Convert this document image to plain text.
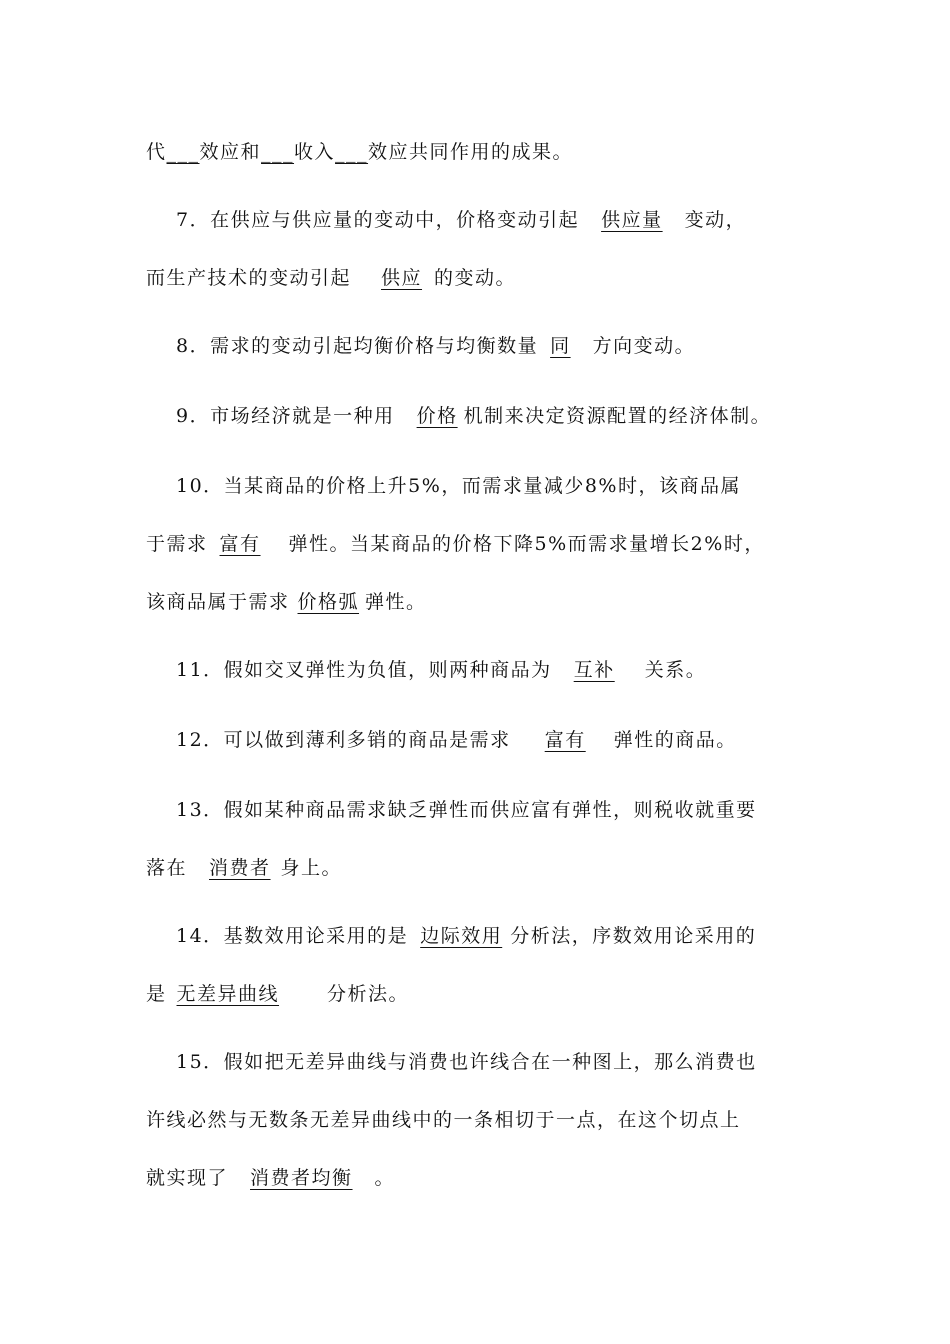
代___效应和___收入___效应共同作用的成果。
7．在供应与供应量的变动中，价格变动引起 供应量 变动，
而生产技术的变动引起 供应 的变动。
8．需求的变动引起均衡价格与均衡数量 同 方向变动。
9．市场经济就是一种用 价格 机制来决定资源配置的经济体制。
10．当某商品的价格上升5%，而需求量减少8%时，该商品属
于需求 富有 弹性。当某商品的价格下降5%而需求量增长2%时，
该商品属于需求 价格弧 弹性。
11．假如交叉弹性为负值，则两种商品为 互补 关系。
12．可以做到薄利多销的商品是需求 富有 弹性的商品。
13．假如某种商品需求缺乏弹性而供应富有弹性，则税收就重要
落在 消费者 身上。
14．基数效用论采用的是 边际效用 分析法，序数效用论采用的
是 无差异曲线	分析法。
15．假如把无差异曲线与消费也许线合在一种图上，那么消费也
许线必然与无数条无差异曲线中的一条相切于一点，在这个切点上
就实现了 消费者均衡 。
